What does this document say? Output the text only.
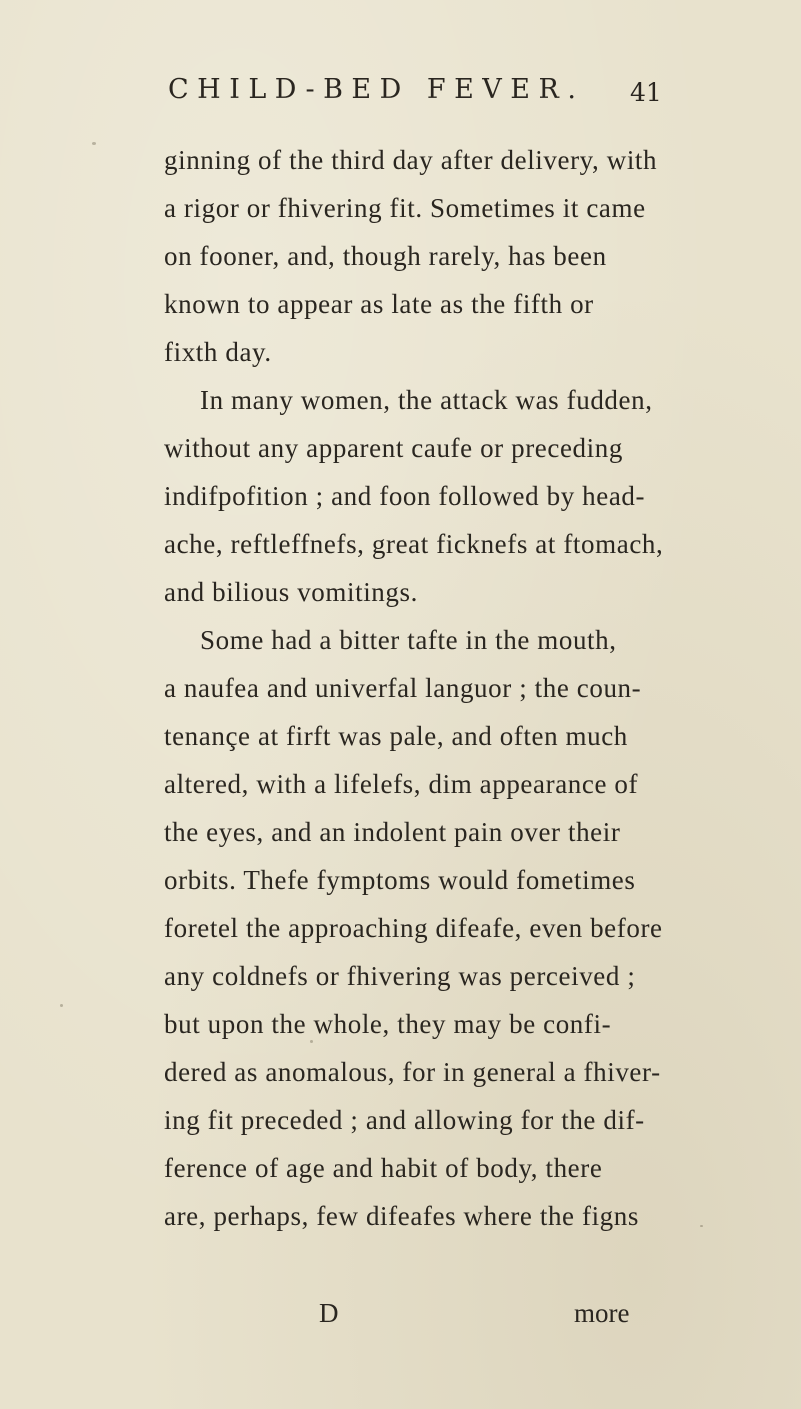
CHILD-BED FEVER. 41
ginning of the third day after delivery, with
a rigor or fhivering fit. Sometimes it came
on fooner, and, though rarely, has been
known to appear as late as the fifth or
fixth day.
In many women, the attack was fudden,
without any apparent caufe or preceding
indifpofition ; and foon followed by head-
ache, reftleffnefs, great ficknefs at ftomach,
and bilious vomitings.
Some had a bitter tafte in the mouth,
a naufea and univerfal languor ; the coun-
tenançe at firft was pale, and often much
altered, with a lifelefs, dim appearance of
the eyes, and an indolent pain over their
orbits. Thefe fymptoms would fometimes
foretel the approaching difeafe, even before
any coldnefs or fhivering was perceived ;
but upon the whole, they may be confi-
dered as anomalous, for in general a fhiver-
ing fit preceded ; and allowing for the dif-
ference of age and habit of body, there
are, perhaps, few difeafes where the figns
D	more
